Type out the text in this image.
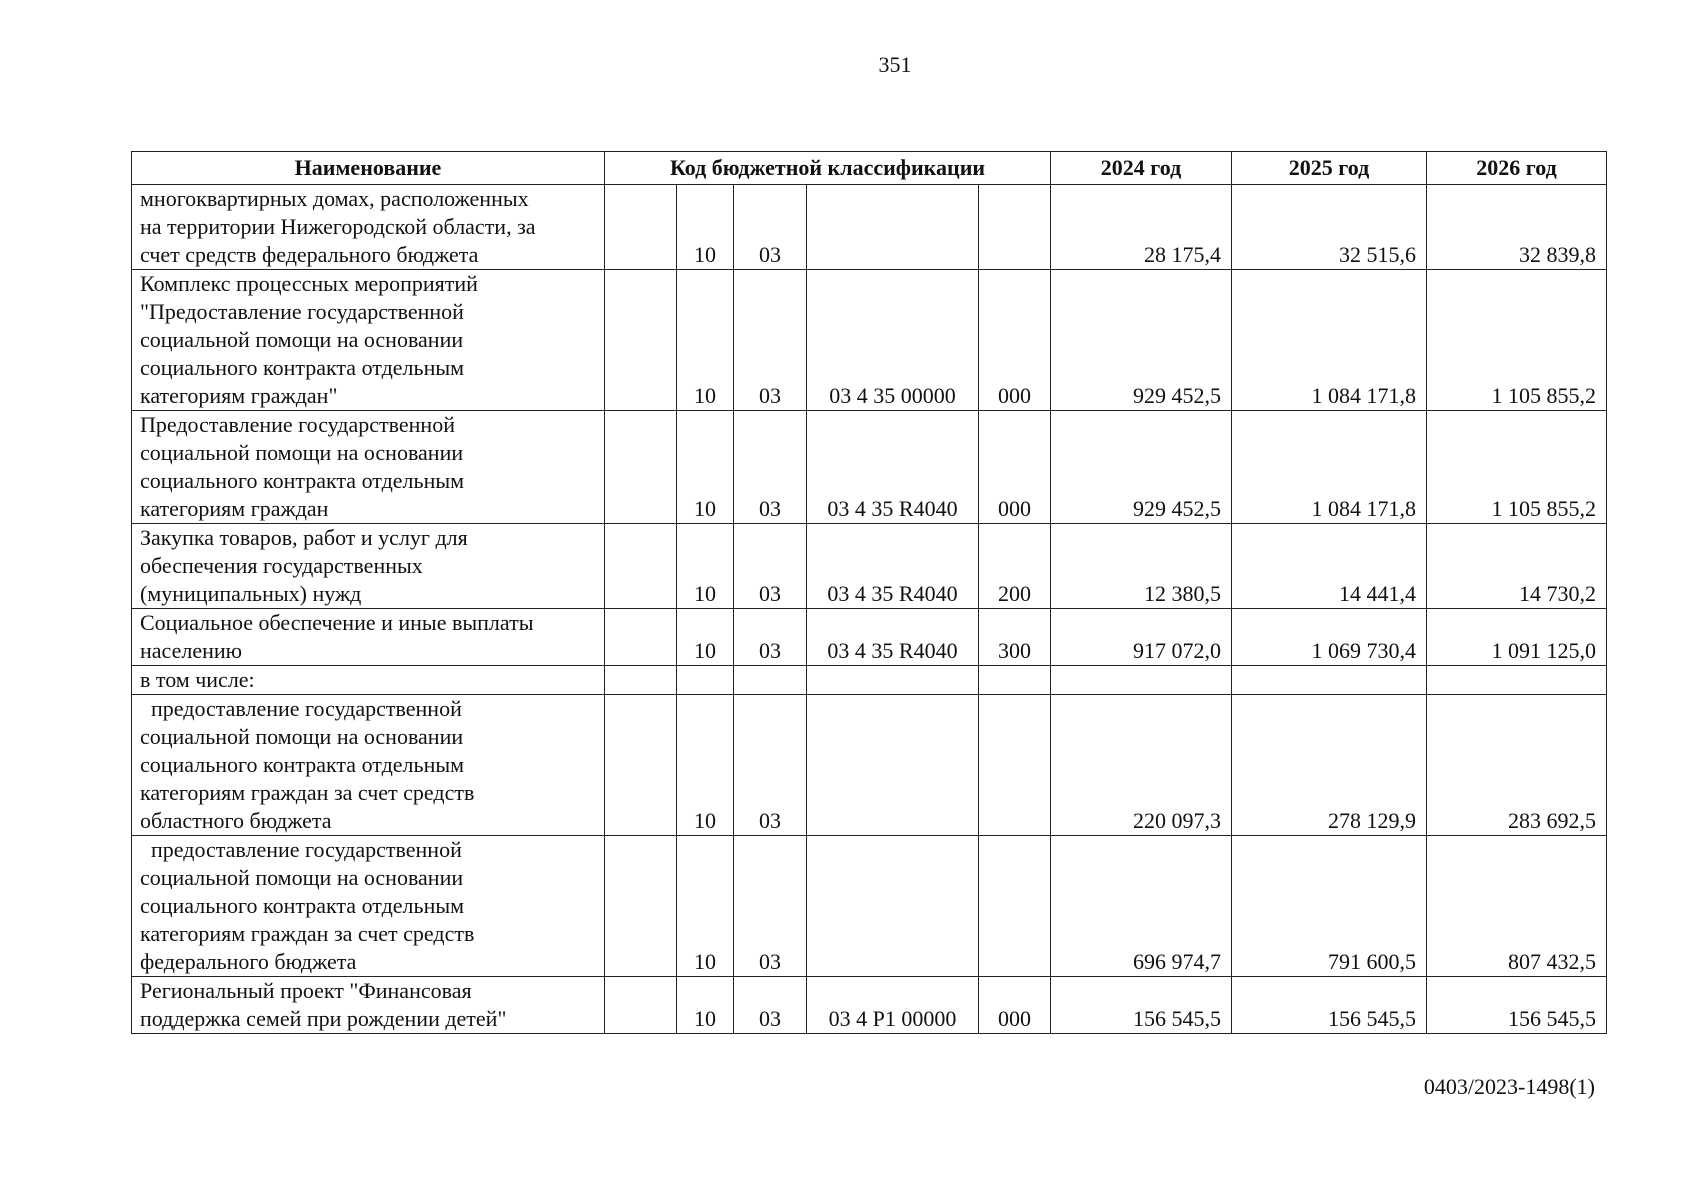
351
Наименование	Код бюджетной классификации					2024 год	2025 год	2026 год
многоквартирных домах, расположенных
на территории Нижегородской области, за
счет средств федерального бюджета		10	03			28 175,4	32 515,6	32 839,8
Комплекс процессных мероприятий
"Предоставление государственной
социальной помощи на основании
социального контракта отдельным
категориям граждан"		10	03	03 4 35 00000	000	929 452,5	1 084 171,8	1 105 855,2
Предоставление государственной
социальной помощи на основании
социального контракта отдельным
категориям граждан		10	03	03 4 35 R4040	000	929 452,5	1 084 171,8	1 105 855,2
Закупка товаров, работ и услуг для
обеспечения государственных
(муниципальных) нужд		10	03	03 4 35 R4040	200	12 380,5	14 441,4	14 730,2
Социальное обеспечение и иные выплаты
населению		10	03	03 4 35 R4040	300	917 072,0	1 069 730,4	1 091 125,0
в том числе:								
предоставление государственной
социальной помощи на основании
социального контракта отдельным
категориям граждан за счет средств
областного бюджета		10	03			220 097,3	278 129,9	283 692,5
предоставление государственной
социальной помощи на основании
социального контракта отдельным
категориям граждан за счет средств
федерального бюджета		10	03			696 974,7	791 600,5	807 432,5
Региональный проект "Финансовая
поддержка семей при рождении детей"		10	03	03 4 P1 00000	000	156 545,5	156 545,5	156 545,5
0403/2023-1498(1)
